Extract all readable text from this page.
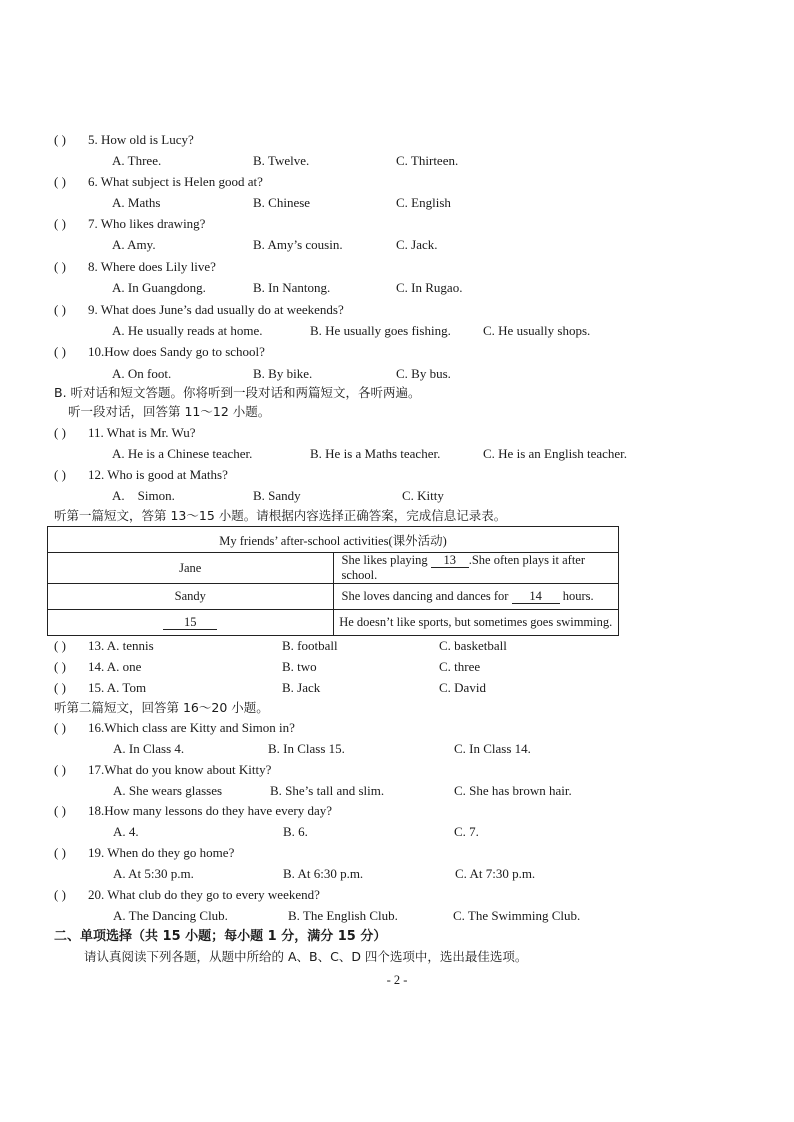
( ) 5. How old is Lucy?
A. Three.	B. Twelve.	C. Thirteen.
( ) 6. What subject is Helen good at?
A. Maths	B. Chinese	C. English
( ) 7. Who likes drawing?
A. Amy.	B. Amy’s cousin.	C. Jack.
( ) 8. Where does Lily live?
A. In Guangdong.	B. In Nantong.	C. In Rugao.
( ) 9. What does June’s dad usually do at weekends?
A. He usually reads at home.	B. He usually goes fishing. C. He usually shops.
( ) 10.How does Sandy go to school?
A. On foot.	B. By bike.	C. By bus.
B. 听对话和短文答题。你将听到一段对话和两篇短文，各听两遍。
听一段对话，回答第 11～12 小题。
( ) 11. What is Mr. Wu?
A. He is a Chinese teacher.	B. He is a Maths teacher.	C. He is an English teacher.
( ) 12. Who is good at Maths?
A.    Simon.	B. Sandy	C. Kitty
听第一篇短文，答第 13～15 小题。请根据内容选择正确答案，完成信息记录表。
My friends’ after-school activities(课外活动)	
Jane	She likes playing 13 .She often plays it after school.
Sandy	She loves dancing and dances for 14 hours.
15	He doesn’t like sports, but sometimes goes swimming.
( ) 13. A. tennis	B. football	C. basketball
( ) 14. A. one	B. two	C. three
( ) 15. A. Tom	B. Jack	C. David
听第二篇短文，回答第 16～20 小题。
( ) 16.Which class are Kitty and Simon in?
A. In Class 4.	B. In Class 15.	C. In Class 14.
( ) 17.What do you know about Kitty?
A. She wears glasses	B. She’s tall and slim.	C. She has brown hair.
( ) 18.How many lessons do they have every day?
A. 4.	B. 6.	C. 7.
( ) 19. When do they go home?
A. At 5:30 p.m.	B. At 6:30 p.m.	C. At 7:30 p.m.
( ) 20. What club do they go to every weekend?
A. The Dancing Club.	B. The English Club.	C. The Swimming Club.
二、单项选择（共 15 小题；每小题 1 分，满分 15 分）
请认真阅读下列各题，从题中所给的 A、B、C、D 四个选项中，选出最佳选项。
- 2 -
